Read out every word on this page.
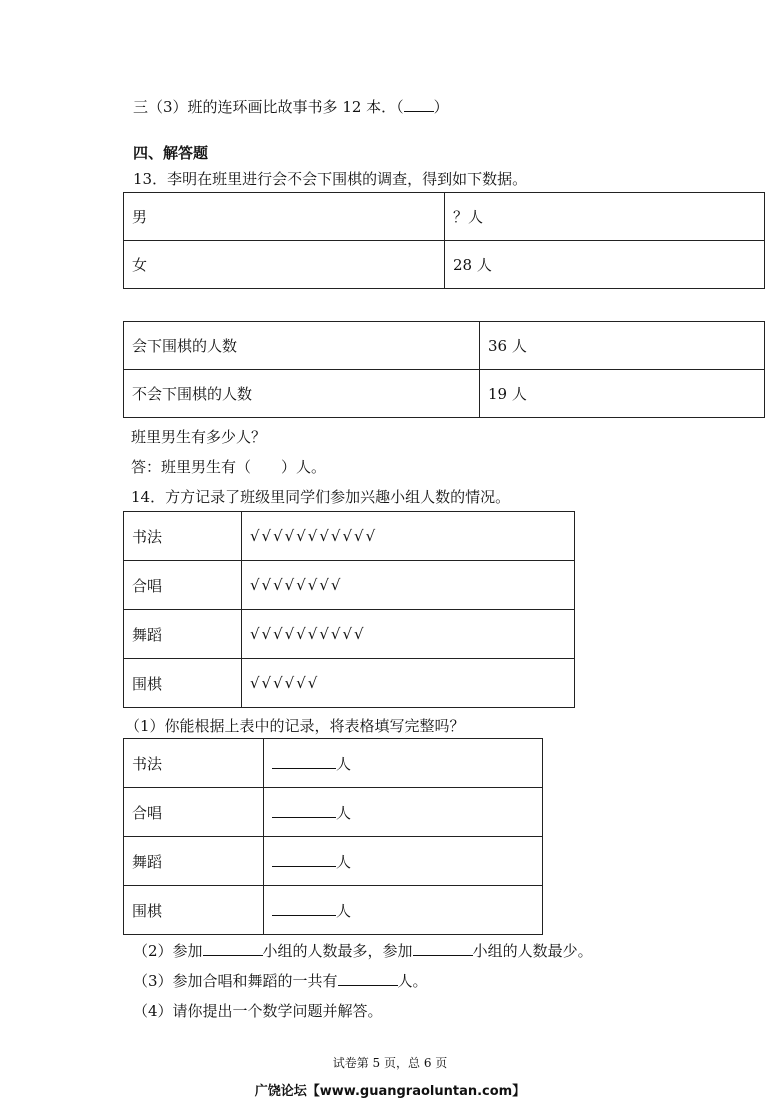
三（3）班的连环画比故事书多 12 本．（ ）
四、解答题
13．李明在班里进行会不会下围棋的调查，得到如下数据。
男	？人
女	28 人
会下围棋的人数	36 人
不会下围棋的人数	19 人
班里男生有多少人？
答：班里男生有（　　）人。
14．方方记录了班级里同学们参加兴趣小组人数的情况。
书法	√√√√√√√√√√√
合唱	√√√√√√√√
舞蹈	√√√√√√√√√√
围棋	√√√√√√
（1）你能根据上表中的记录，将表格填写完整吗？
书法	人
合唱	人
舞蹈	人
围棋	人
（2）参加	小组的人数最多，参加	小组的人数最少。
（3）参加合唱和舞蹈的一共有	人。
（4）请你提出一个数学问题并解答。
试卷第 5 页，总 6 页
广饶论坛【www.guangraoluntan.com】
